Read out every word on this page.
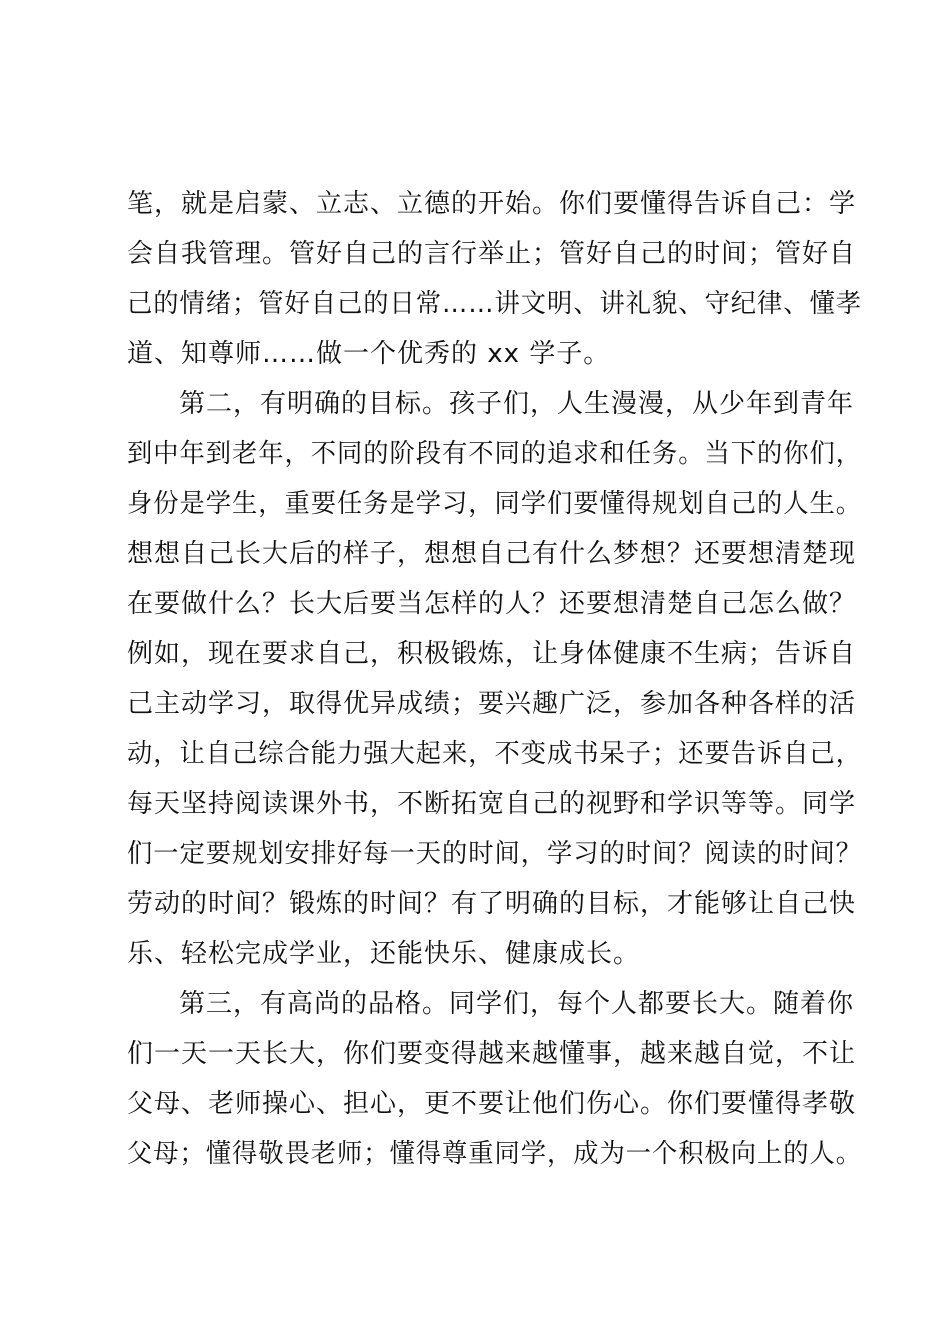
笔，就是启蒙、立志、立德的开始。你们要懂得告诉自己：学
会自我管理。管好自己的言行举止；管好自己的时间；管好自
己的情绪；管好自己的日常……讲文明、讲礼貌、守纪律、懂孝
道、知尊师……做一个优秀的 xx 学子。
第二，有明确的目标。孩子们，人生漫漫，从少年到青年
到中年到老年，不同的阶段有不同的追求和任务。当下的你们，
身份是学生，重要任务是学习，同学们要懂得规划自己的人生。
想想自己长大后的样子，想想自己有什么梦想？还要想清楚现
在要做什么？长大后要当怎样的人？还要想清楚自己怎么做？
例如，现在要求自己，积极锻炼，让身体健康不生病；告诉自
己主动学习，取得优异成绩；要兴趣广泛，参加各种各样的活
动，让自己综合能力强大起来，不变成书呆子；还要告诉自己，
每天坚持阅读课外书，不断拓宽自己的视野和学识等等。同学
们一定要规划安排好每一天的时间，学习的时间？阅读的时间？
劳动的时间？锻炼的时间？有了明确的目标，才能够让自己快
乐、轻松完成学业，还能快乐、健康成长。
第三，有高尚的品格。同学们，每个人都要长大。随着你
们一天一天长大，你们要变得越来越懂事，越来越自觉，不让
父母、老师操心、担心，更不要让他们伤心。你们要懂得孝敬
父母；懂得敬畏老师；懂得尊重同学，成为一个积极向上的人。
